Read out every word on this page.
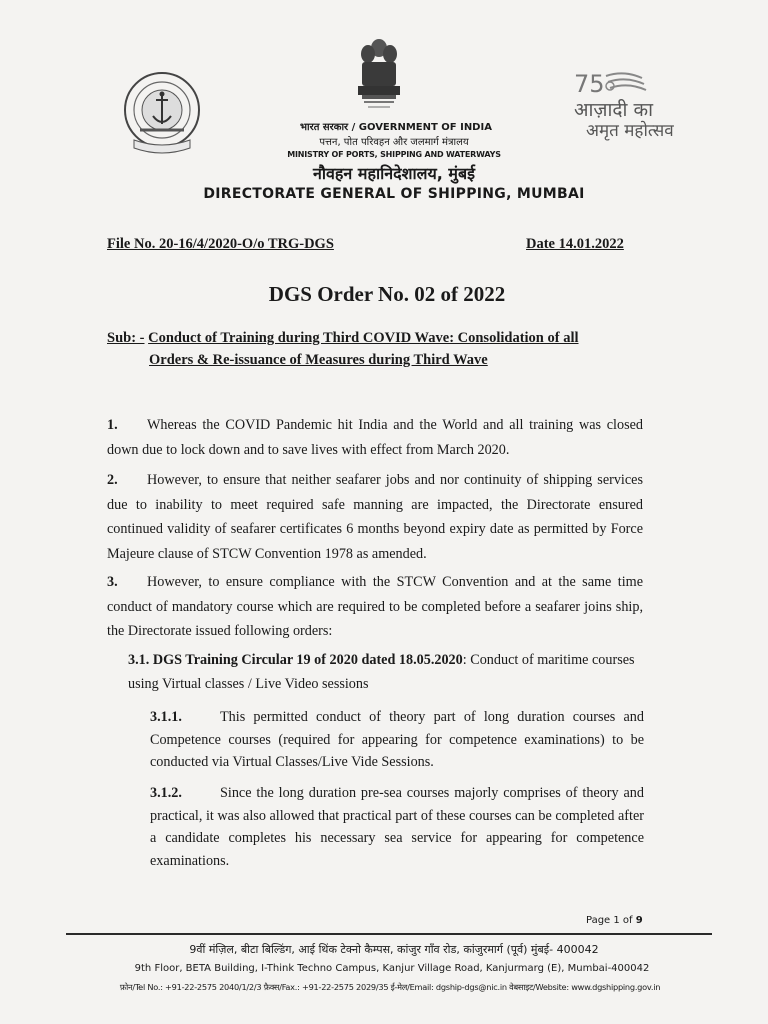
75
आज़ादी का
अमृत महोत्सव
भारत सरकार / GOVERNMENT OF INDIA
पत्तन, पोत परिवहन और जलमार्ग मंत्रालय
MINISTRY OF PORTS, SHIPPING AND WATERWAYS
नौवहन महानिदेशालय, मुंबई
DIRECTORATE GENERAL OF SHIPPING, MUMBAI
File No. 20-16/4/2020-O/o TRG-DGS	Date 14.01.2022
DGS Order No. 02 of 2022
Sub: - Conduct of Training during Third COVID Wave: Consolidation of all
Orders & Re-issuance of Measures during Third Wave
1. Whereas the COVID Pandemic hit India and the World and all training was closed down due to lock down and to save lives with effect from March 2020.
2. However, to ensure that neither seafarer jobs and nor continuity of shipping services due to inability to meet required safe manning are impacted, the Directorate ensured continued validity of seafarer certificates 6 months beyond expiry date as permitted by Force Majeure clause of STCW Convention 1978 as amended.
3. However, to ensure compliance with the STCW Convention and at the same time conduct of mandatory course which are required to be completed before a seafarer joins ship, the Directorate issued following orders:
3.1. DGS Training Circular 19 of 2020 dated 18.05.2020: Conduct of maritime courses using Virtual classes / Live Video sessions
3.1.1.	This permitted conduct of theory part of long duration courses and Competence courses (required for appearing for competence examinations) to be conducted via Virtual Classes/Live Vide Sessions.
3.1.2.	Since the long duration pre-sea courses majorly comprises of theory and practical, it was also allowed that practical part of these courses can be completed after a candidate completes his necessary sea service for appearing for competence examinations.
Page 1 of 9
9वीं मंज़िल, बीटा बिल्डिंग, आई थिंक टेक्नो कैम्पस, कांजुर गाँव रोड, कांजुरमार्ग (पूर्व) मुंबई- 400042
9th Floor, BETA Building, I-Think Techno Campus, Kanjur Village Road, Kanjurmarg (E), Mumbai-400042
फ़ोन/Tel No.: +91-22-2575 2040/1/2/3 फ़ैक्स/Fax.: +91-22-2575 2029/35 ई-मेल/Email: dgship-dgs@nic.in वेबसाइट/Website: www.dgshipping.gov.in
